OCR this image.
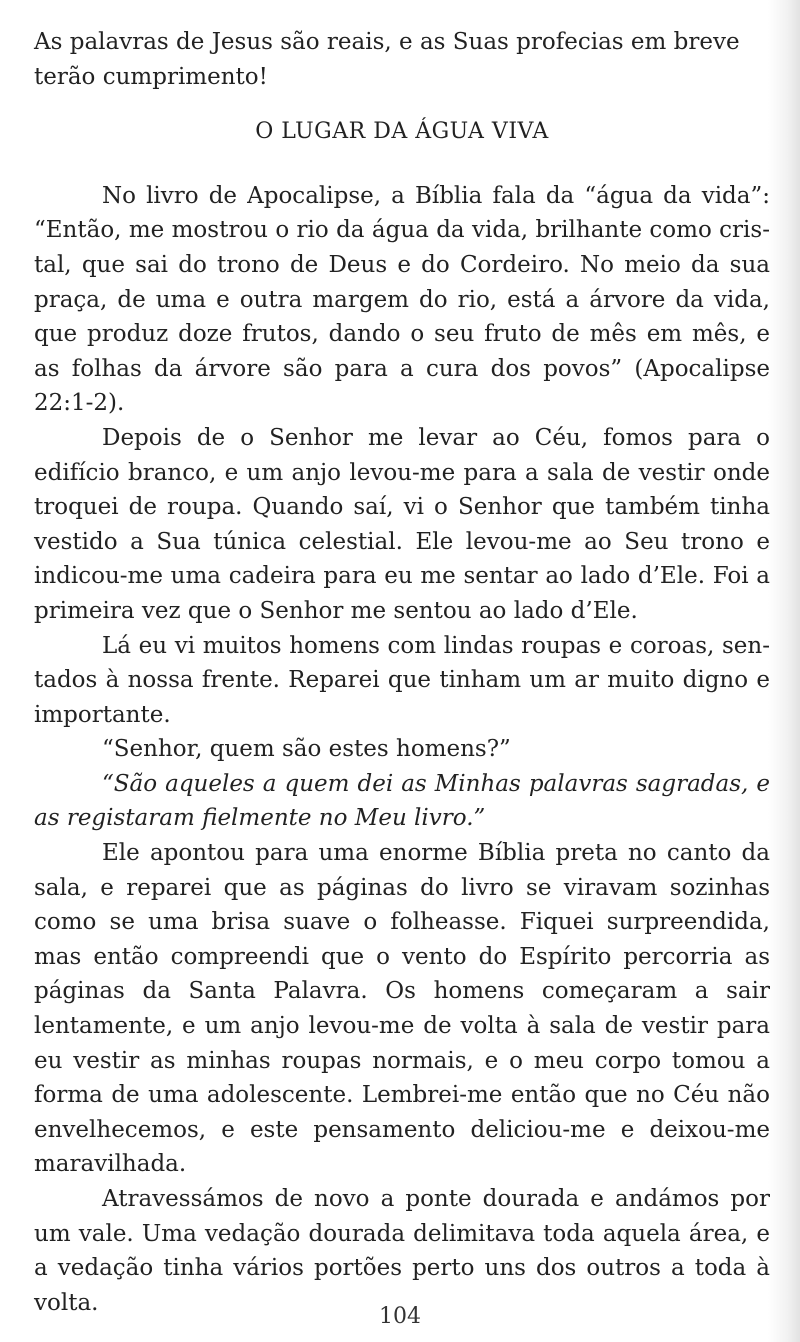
As palavras de Jesus são reais, e as Suas profecias em breve terão cumprimento!

O LUGAR DA ÁGUA VIVA

No livro de Apocalipse, a Bíblia fala da “água da vida”: “Então, me mostrou o rio da água da vida, brilhante como cristal, que sai do trono de Deus e do Cordeiro. No meio da sua praça, de uma e outra margem do rio, está a árvore da vida, que produz doze frutos, dando o seu fruto de mês em mês, e as folhas da árvore são para a cura dos povos” (Apocalipse 22:1-2).

Depois de o Senhor me levar ao Céu, fomos para o edifício branco, e um anjo levou-me para a sala de vestir onde troquei de roupa. Quando saí, vi o Senhor que também tinha vestido a Sua túnica celestial. Ele levou-me ao Seu trono e indicou-me uma cadeira para eu me sentar ao lado d’Ele. Foi a primeira vez que o Senhor me sentou ao lado d’Ele.

Lá eu vi muitos homens com lindas roupas e coroas, sentados à nossa frente. Reparei que tinham um ar muito digno e importante.

“Senhor, quem são estes homens?”

“São aqueles a quem dei as Minhas palavras sagradas, e as registaram fielmente no Meu livro.”

Ele apontou para uma enorme Bíblia preta no canto da sala, e reparei que as páginas do livro se viravam sozinhas como se uma brisa suave o folheasse. Fiquei surpreendida, mas então compreendi que o vento do Espírito percorria as páginas da Santa Palavra. Os homens começaram a sair lentamente, e um anjo levou-me de volta à sala de vestir para eu vestir as minhas roupas normais, e o meu corpo tomou a forma de uma adolescente. Lembrei-me então que no Céu não envelhecemos, e este pensamento deliciou-me e deixou-me maravilhada.

Atravessámos de novo a ponte dourada e andámos por um vale. Uma vedação dourada delimitava toda aquela área, e a vedação tinha vários portões perto uns dos outros a toda à volta.

104
